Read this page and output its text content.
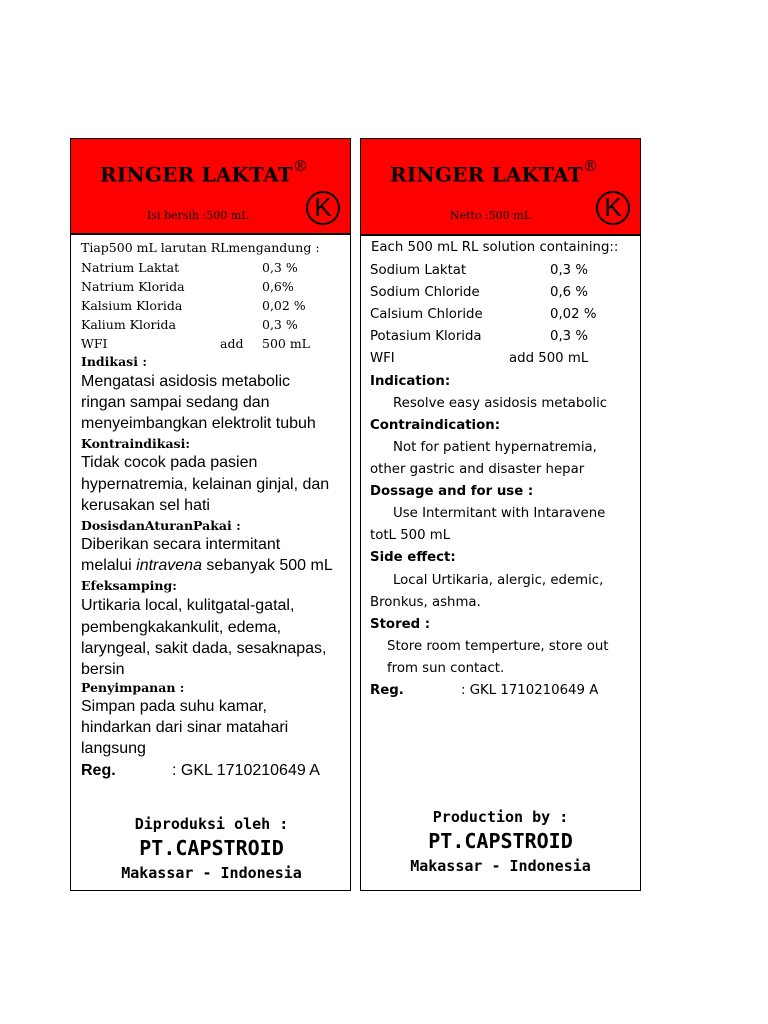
RINGER LAKTAT®
Isi bersih :500 mL	K
Tiap500 mL larutan RLmengandung :
Natrium Laktat	0,3 %
Natrium Klorida	0,6%
Kalsium Klorida	0,02 %
Kalium Klorida	0,3 %
WFI	add 500 mL
Indikasi :
Mengatasi asidosis metabolic
ringan sampai sedang dan
menyeimbangkan elektrolit tubuh
Kontraindikasi:
Tidak cocok pada pasien
hypernatremia, kelainan ginjal, dan
kerusakan sel hati
DosisdanAturanPakai :
Diberikan secara intermitant
melalui intravena sebanyak 500 mL
Efeksamping:
Urtikaria local, kulitgatal-gatal,
pembengkakankulit, edema,
laryngeal, sakit dada, sesaknapas,
bersin
Penyimpanan :
Simpan pada suhu kamar,
hindarkan dari sinar matahari
langsung
Reg.	: GKL 1710210649 A
Diproduksi oleh :
PT.CAPSTROID
Makassar - Indonesia
RINGER LAKTAT®
Netto :500 mL	K
Each 500 mL RL solution containing::
Sodium Laktat	0,3 %
Sodium Chloride	0,6 %
Calsium Chloride	0,02 %
Potasium Klorida	0,3 %
WFI	add 500 mL
Indication:
Resolve easy asidosis metabolic
Contraindication:
Not for patient hypernatremia,
other gastric and disaster hepar
Dossage and for use :
Use Intermitant with Intaravene
totL 500 mL
Side effect:
Local Urtikaria, alergic, edemic,
Bronkus, ashma.
Stored :
Store room temperture, store out
from sun contact.
Reg.	: GKL 1710210649 A
Production by :
PT.CAPSTROID
Makassar - Indonesia
